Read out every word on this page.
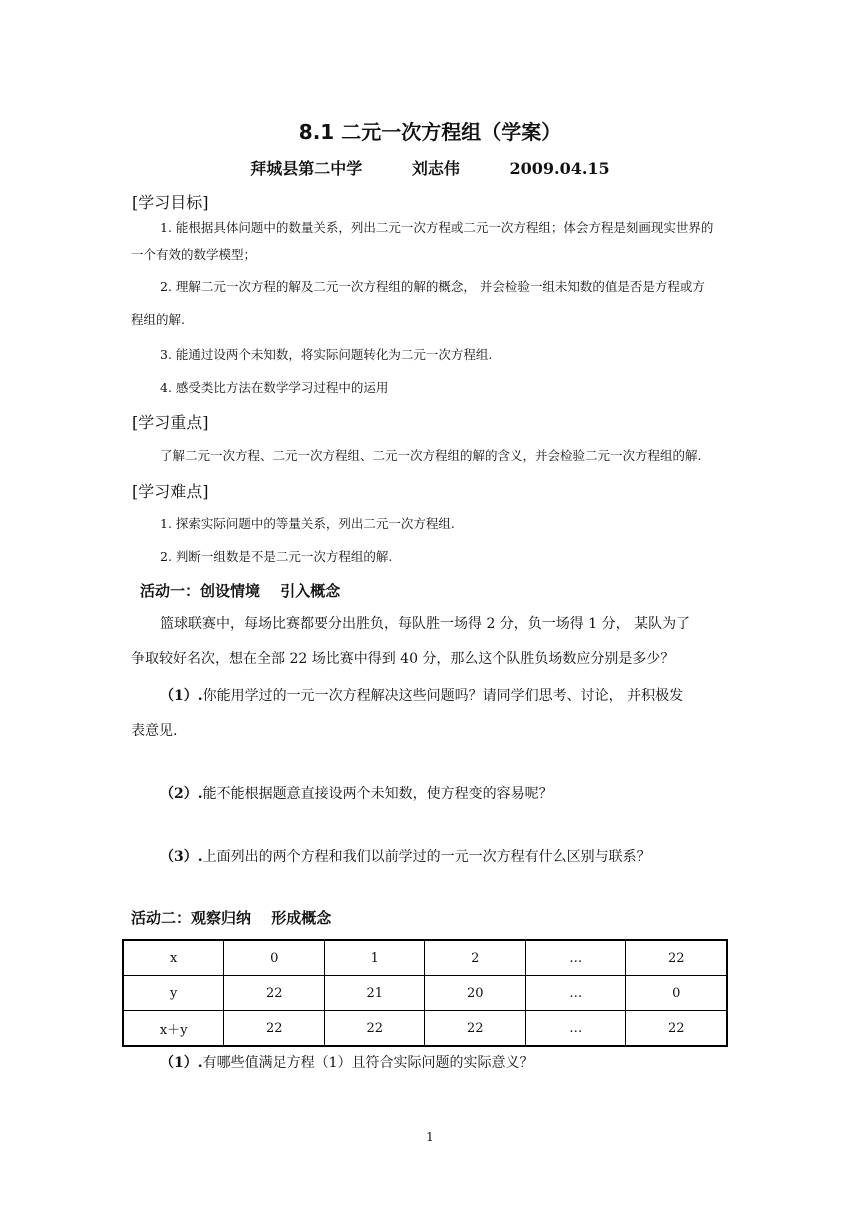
8.1 二元一次方程组（学案）
拜城县第二中学	刘志伟	2009.04.15
[学习目标]
1. 能根据具体问题中的数量关系，列出二元一次方程或二元一次方程组；体会方程是刻画现实世界的
一个有效的数学模型；
2. 理解二元一次方程的解及二元一次方程组的解的概念， 并会检验一组未知数的值是否是方程或方
程组的解.
3. 能通过设两个未知数，将实际问题转化为二元一次方程组.
4. 感受类比方法在数学学习过程中的运用
[学习重点]
了解二元一次方程、二元一次方程组、二元一次方程组的解的含义，并会检验二元一次方程组的解.
[学习难点]
1. 探索实际问题中的等量关系，列出二元一次方程组.
2. 判断一组数是不是二元一次方程组的解.
活动一：创设情境　 引入概念
篮球联赛中，每场比赛都要分出胜负，每队胜一场得 2 分，负一场得 1 分， 某队为了
争取较好名次，想在全部 22 场比赛中得到 40 分，那么这个队胜负场数应分别是多少？
（1）.你能用学过的一元一次方程解决这些问题吗？请同学们思考、讨论， 并积极发
表意见.
（2）.能不能根据题意直接设两个未知数，使方程变的容易呢？
（3）.上面列出的两个方程和我们以前学过的一元一次方程有什么区别与联系？
活动二：观察归纳　 形成概念
x	0	1	2	…	22
y	22	21	20	…	0
x＋y	22	22	22	…	22
（1）.有哪些值满足方程（1）且符合实际问题的实际意义？
1
